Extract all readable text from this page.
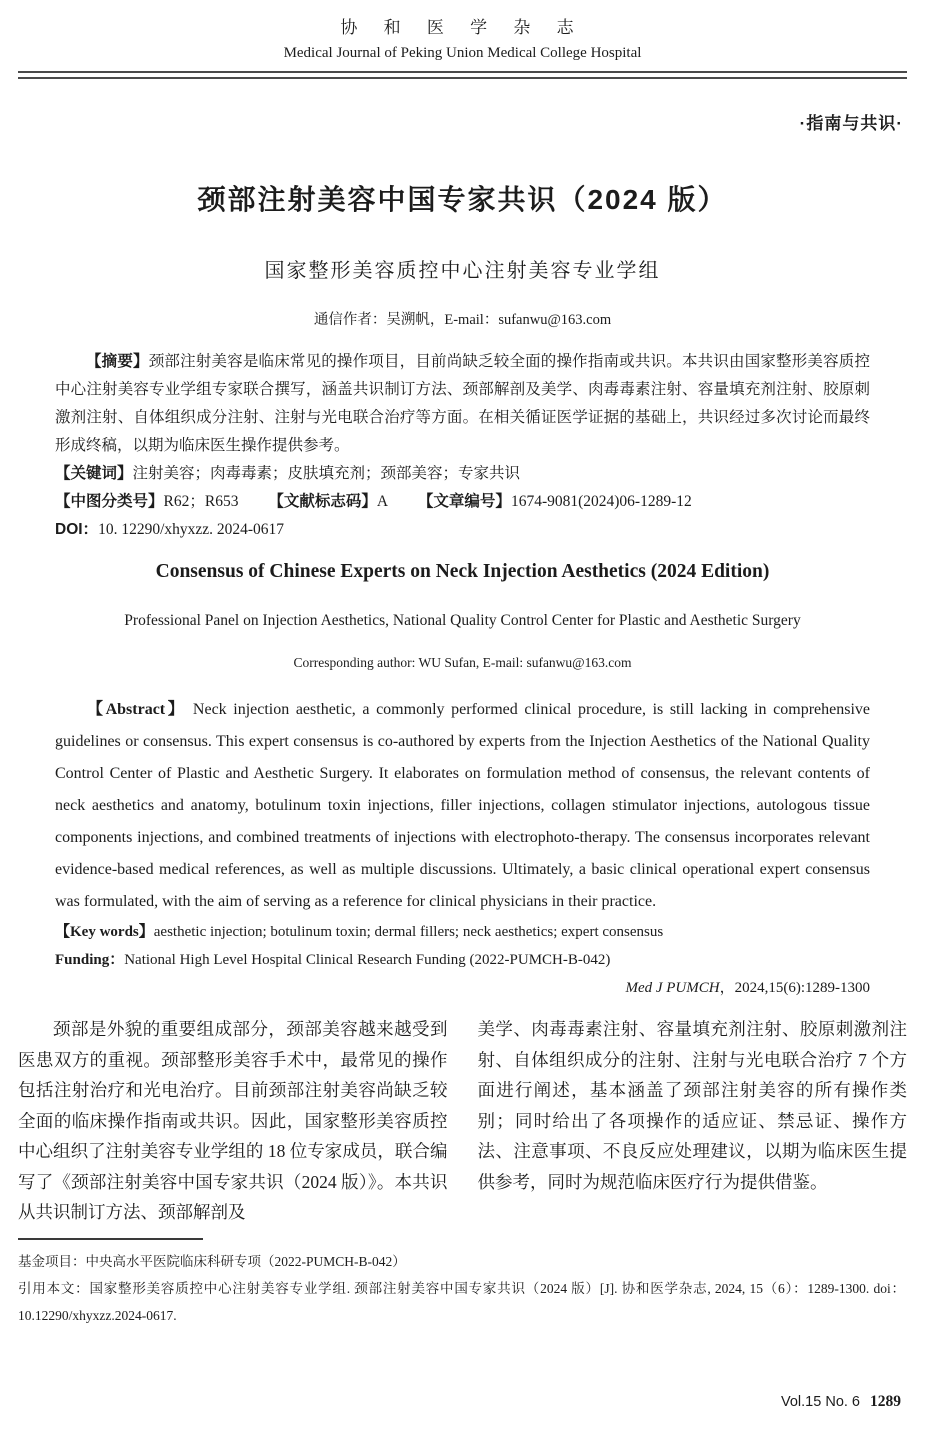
协 和 医 学 杂 志
Medical Journal of Peking Union Medical College Hospital
·指南与共识·
颈部注射美容中国专家共识（2024 版）
国家整形美容质控中心注射美容专业学组
通信作者：吴溯帆，E-mail：sufanwu@163.com

【摘要】颈部注射美容是临床常见的操作项目，目前尚缺乏较全面的操作指南或共识。本共识由国家整形美容质控中心注射美容专业学组专家联合撰写，涵盖共识制订方法、颈部解剖及美学、肉毒毒素注射、容量填充剂注射、胶原刺激剂注射、自体组织成分注射、注射与光电联合治疗等方面。在相关循证医学证据的基础上，共识经过多次讨论而最终形成终稿，以期为临床医生操作提供参考。

【关键词】注射美容；肉毒毒素；皮肤填充剂；颈部美容；专家共识

【中图分类号】R62；R653 【文献标志码】A 【文章编号】1674-9081(2024)06-1289-12

DOI：10. 12290/xhyxzz. 2024-0617

Consensus of Chinese Experts on Neck Injection Aesthetics (2024 Edition)
Professional Panel on Injection Aesthetics, National Quality Control Center for Plastic and Aesthetic Surgery
Corresponding author: WU Sufan, E-mail: sufanwu@163.com

【Abstract】 Neck injection aesthetic, a commonly performed clinical procedure, is still lacking in comprehensive guidelines or consensus. This expert consensus is co-authored by experts from the Injection Aesthetics of the National Quality Control Center of Plastic and Aesthetic Surgery. It elaborates on formulation method of consensus, the relevant contents of neck aesthetics and anatomy, botulinum toxin injections, filler injections, collagen stimulator injections, autologous tissue components injections, and combined treatments of injections with electrophoto-therapy. The consensus incorporates relevant evidence-based medical references, as well as multiple discussions. Ultimately, a basic clinical operational expert consensus was formulated, with the aim of serving as a reference for clinical physicians in their practice.

【Key words】aesthetic injection; botulinum toxin; dermal fillers; neck aesthetics; expert consensus

Funding：National High Level Hospital Clinical Research Funding (2022-PUMCH-B-042)

Med J PUMCH，2024,15(6):1289-1300

颈部是外貌的重要组成部分，颈部美容越来越受到医患双方的重视。颈部整形美容手术中，最常见的操作包括注射治疗和光电治疗。目前颈部注射美容尚缺乏较全面的临床操作指南或共识。因此，国家整形美容质控中心组织了注射美容专业学组的 18 位专家成员，联合编写了《颈部注射美容中国专家共识（2024 版）》。本共识从共识制订方法、颈部解剖及

美学、肉毒毒素注射、容量填充剂注射、胶原刺激剂注射、自体组织成分的注射、注射与光电联合治疗 7 个方面进行阐述，基本涵盖了颈部注射美容的所有操作类别；同时给出了各项操作的适应证、禁忌证、操作方法、注意事项、不良反应处理建议，以期为临床医生提供参考，同时为规范临床医疗行为提供借鉴。

基金项目：中央高水平医院临床科研专项（2022-PUMCH-B-042）

引用本文：国家整形美容质控中心注射美容专业学组. 颈部注射美容中国专家共识（2024 版）[J]. 协和医学杂志, 2024, 15（6）：1289-1300. doi：10.12290/xhyxzz.2024-0617.

Vol.15 No. 6 1289
